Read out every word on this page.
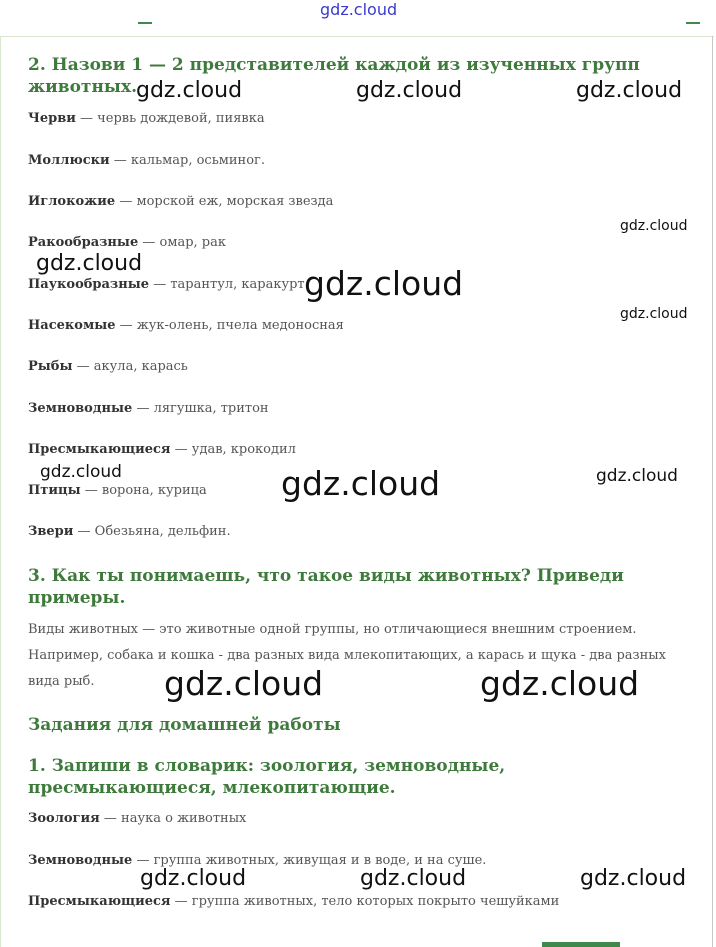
gdz.cloud
2. Назови 1 — 2 представителей каждой из изученных групп животных.
Черви — червь дождевой, пиявка
Моллюски — кальмар, осьминог.
Иглокожие — морской еж, морская звезда
Ракообразные — омар, рак
Паукообразные — тарантул, каракурт
Насекомые — жук-олень, пчела медоносная
Рыбы — акула, карась
Земноводные — лягушка, тритон
Пресмыкающиеся — удав, крокодил
Птицы — ворона, курица
Звери — Обезьяна, дельфин.
3. Как ты понимаешь, что такое виды животных? Приведи примеры.
Виды животных — это животные одной группы, но отличающиеся внешним строением. Например, собака и кошка - два разных вида млекопитающих, а карась и щука - два разных вида рыб.
Задания для домашней работы
1. Запиши в словарик: зоология, земноводные, пресмыкающиеся, млекопитающие.
Зоология — наука о животных
Земноводные — группа животных, живущая и в воде, и на суше.
Пресмыкающиеся — группа животных, тело которых покрыто чешуйками
gdz.cloud	gdz.cloud	gdz.cloud
gdz.cloud
gdz.cloud
gdz.cloud
gdz.cloud
gdz.cloud	gdz.cloud	gdz.cloud
gdz.cloud	gdz.cloud
gdz.cloud	gdz.cloud	gdz.cloud
